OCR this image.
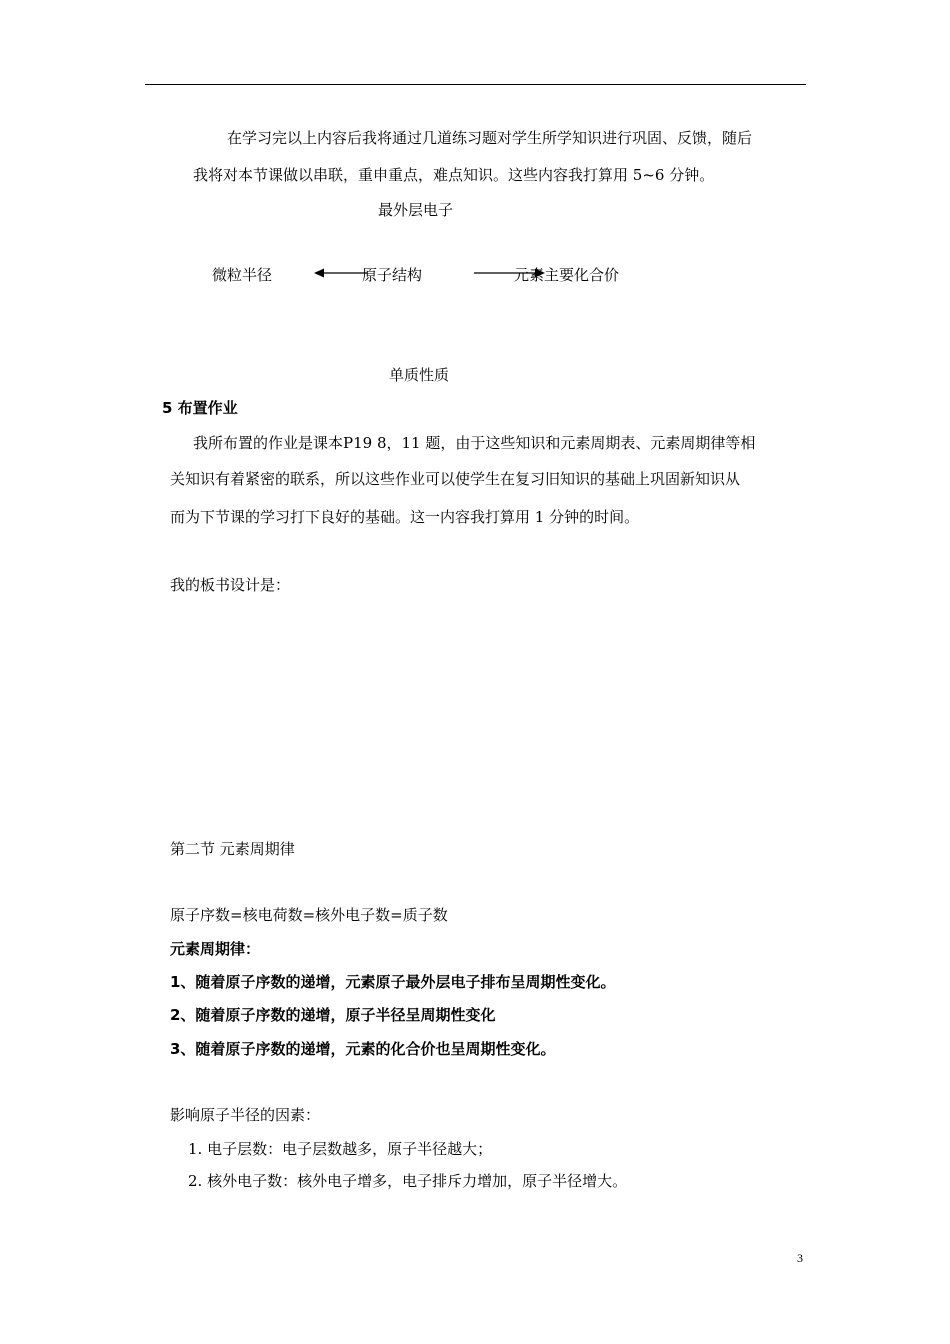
在学习完以上内容后我将通过几道练习题对学生所学知识进行巩固、反馈，随后
我将对本节课做以串联，重申重点，难点知识。这些内容我打算用 5~6 分钟。
最外层电子
微粒半径	原子结构	元素主要化合价
单质性质
5 布置作业
我所布置的作业是课本P19 8，11 题，由于这些知识和元素周期表、元素周期律等相
关知识有着紧密的联系，所以这些作业可以使学生在复习旧知识的基础上巩固新知识从
而为下节课的学习打下良好的基础。这一内容我打算用 1 分钟的时间。
我的板书设计是：
第二节 元素周期律
原子序数=核电荷数=核外电子数=质子数
元素周期律：
1、随着原子序数的递增，元素原子最外层电子排布呈周期性变化。
2、随着原子序数的递增，原子半径呈周期性变化
3、随着原子序数的递增，元素的化合价也呈周期性变化。
影响原子半径的因素：
1. 电子层数：电子层数越多，原子半径越大；
2. 核外电子数：核外电子增多，电子排斥力增加，原子半径增大。
3
